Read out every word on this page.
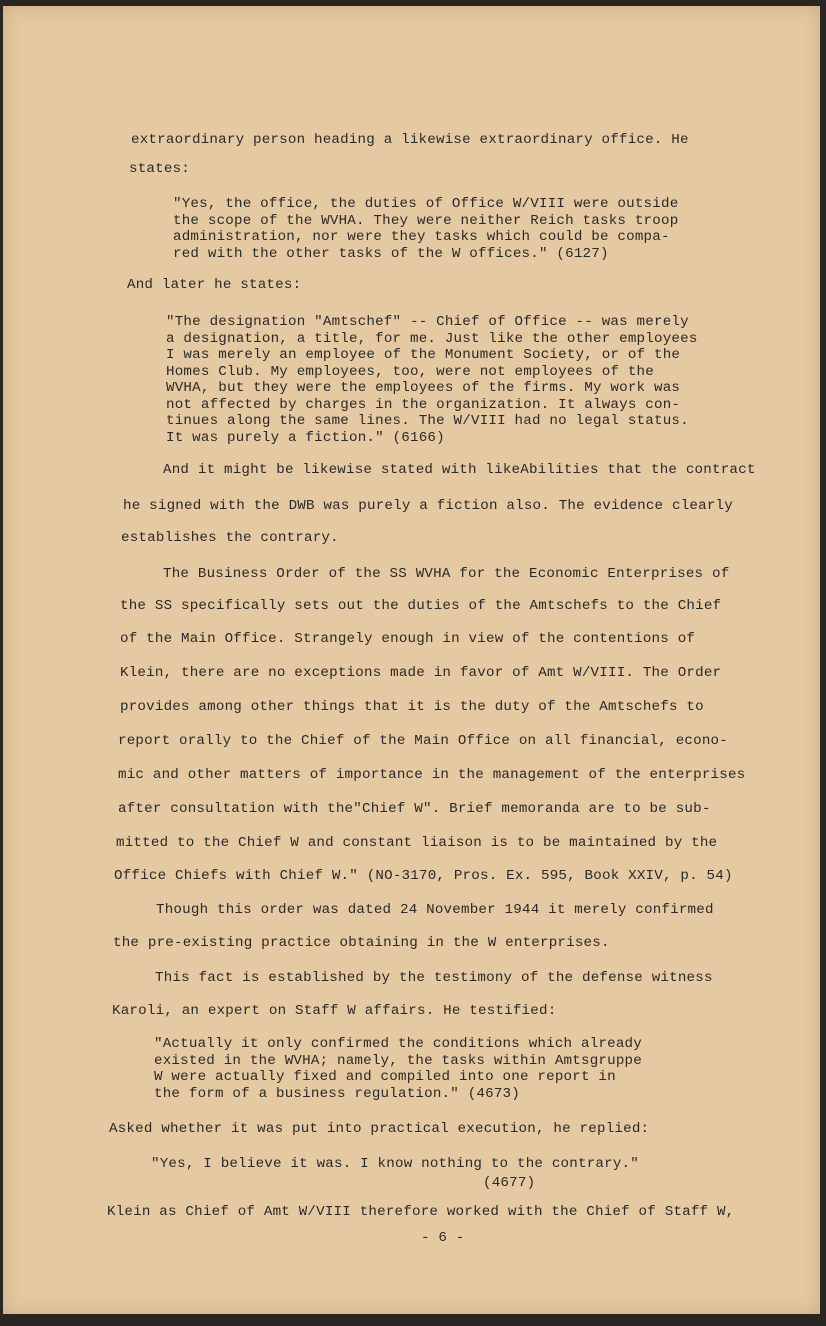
extraordinary person heading a likewise extraordinary office. He
states:
"Yes, the office, the duties of Office W/VIII were outside
the scope of the WVHA. They were neither Reich tasks troop
administration, nor were they tasks which could be compa-
red with the other tasks of the W offices." (6127)
And later he states:
"The designation "Amtschef" -- Chief of Office -- was merely
a designation, a title, for me. Just like the other employees
I was merely an employee of the Monument Society, or of the
Homes Club. My employees, too, were not employees of the
WVHA, but they were the employees of the firms. My work was
not affected by charges in the organization. It always con-
tinues along the same lines. The W/VIII had no legal status.
It was purely a fiction." (6166)
And it might be likewise stated with likeAbilities that the contract
he signed with the DWB was purely a fiction also. The evidence clearly
establishes the contrary.
The Business Order of the SS WVHA for the Economic Enterprises of
the SS specifically sets out the duties of the Amtschefs to the Chief
of the Main Office. Strangely enough in view of the contentions of
Klein, there are no exceptions made in favor of Amt W/VIII. The Order
provides among other things that it is the duty of the Amtschefs to
report orally to the Chief of the Main Office on all financial, econo-
mic and other matters of importance in the management of the enterprises
after consultation with the"Chief W". Brief memoranda are to be sub-
mitted to the Chief W and constant liaison is to be maintained by the
Office Chiefs with Chief W." (NO-3170, Pros. Ex. 595, Book XXIV, p. 54)
Though this order was dated 24 November 1944 it merely confirmed
the pre-existing practice obtaining in the W enterprises.
This fact is established by the testimony of the defense witness
Karoli, an expert on Staff W affairs. He testified:
"Actually it only confirmed the conditions which already
existed in the WVHA; namely, the tasks within Amtsgruppe
W were actually fixed and compiled into one report in
the form of a business regulation." (4673)
Asked whether it was put into practical execution, he replied:
"Yes, I believe it was. I know nothing to the contrary."
(4677)
Klein as Chief of Amt W/VIII therefore worked with the Chief of Staff W,
- 6 -
